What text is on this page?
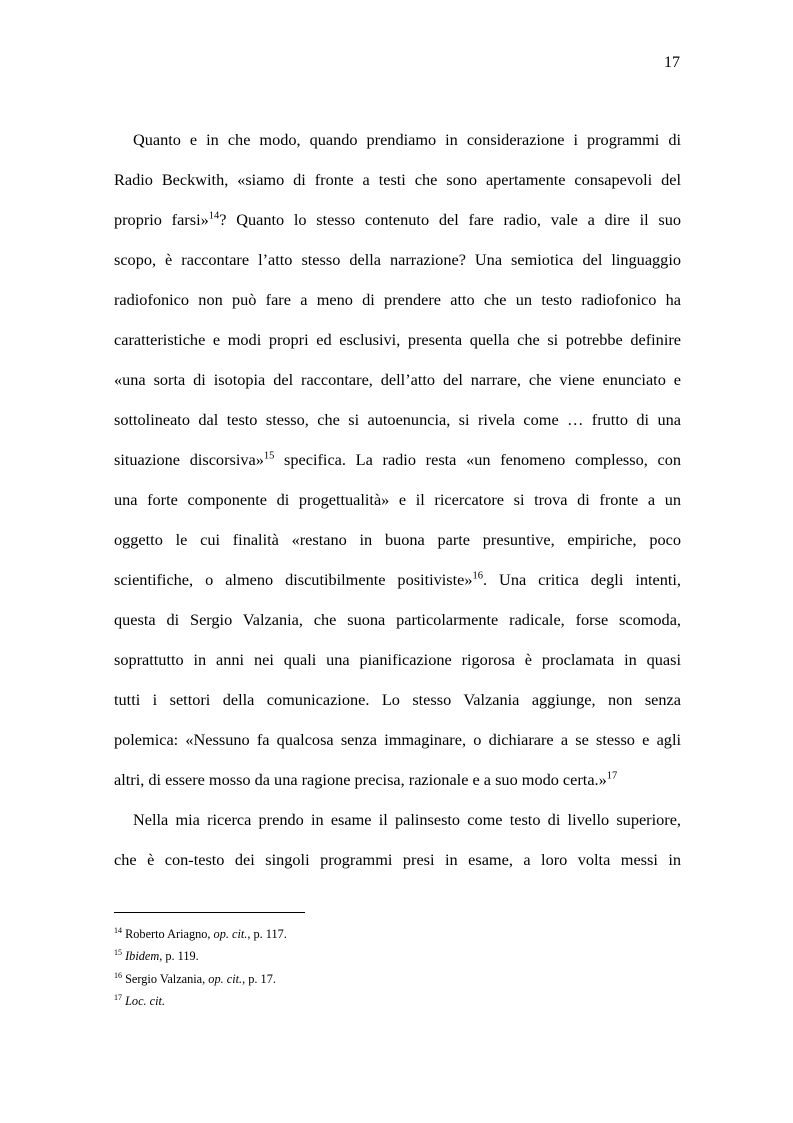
17
Quanto e in che modo, quando prendiamo in considerazione i programmi di
Radio Beckwith, «siamo di fronte a testi che sono apertamente consapevoli del
proprio farsi»$^{14}$? Quanto lo stesso contenuto del fare radio, vale a dire il suo
scopo, è raccontare l’atto stesso della narrazione? Una semiotica del linguaggio
radiofonico non può fare a meno di prendere atto che un testo radiofonico ha
caratteristiche e modi propri ed esclusivi, presenta quella che si potrebbe definire
«una sorta di isotopia del raccontare, dell’atto del narrare, che viene enunciato e
sottolineato dal testo stesso, che si autoenuncia, si rivela come … frutto di una
situazione discorsiva»$^{15}$ specifica. La radio resta «un fenomeno complesso, con
una forte componente di progettualità» e il ricercatore si trova di fronte a un
oggetto le cui finalità «restano in buona parte presuntive, empiriche, poco
scientifiche, o almeno discutibilmente positiviste»$^{16}$. Una critica degli intenti,
questa di Sergio Valzania, che suona particolarmente radicale, forse scomoda,
soprattutto in anni nei quali una pianificazione rigorosa è proclamata in quasi
tutti i settori della comunicazione. Lo stesso Valzania aggiunge, non senza
polemica: «Nessuno fa qualcosa senza immaginare, o dichiarare a se stesso e agli
altri, di essere mosso da una ragione precisa, razionale e a suo modo certa.»$^{17}$
Nella mia ricerca prendo in esame il palinsesto come testo di livello superiore,
che è con-testo dei singoli programmi presi in esame, a loro volta messi in
$^{14}$ Roberto Ariagno, op. cit., p. 117.
$^{15}$ Ibidem, p. 119.
$^{16}$ Sergio Valzania, op. cit., p. 17.
$^{17}$ Loc. cit.
